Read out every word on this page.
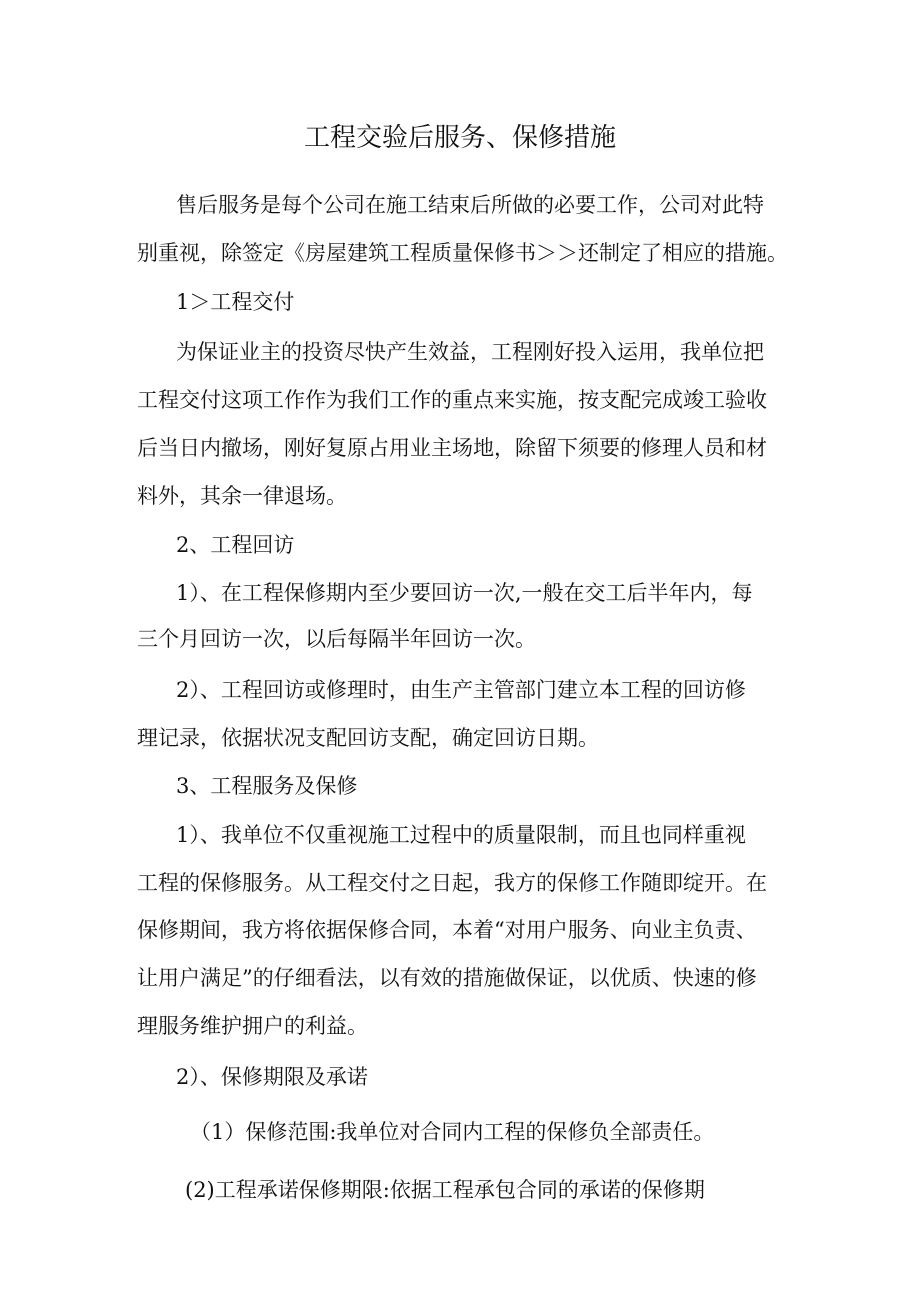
工程交验后服务、保修措施
售后服务是每个公司在施工结束后所做的必要工作，公司对此特
别重视，除签定《房屋建筑工程质量保修书＞＞还制定了相应的措施。
1＞工程交付
为保证业主的投资尽快产生效益，工程刚好投入运用，我单位把
工程交付这项工作作为我们工作的重点来实施，按支配完成竣工验收
后当日内撤场，刚好复原占用业主场地，除留下须要的修理人员和材
料外，其余一律退场。
2、工程回访
1）、在工程保修期内至少要回访一次,一般在交工后半年内，每
三个月回访一次，以后每隔半年回访一次。
2）、工程回访或修理时，由生产主管部门建立本工程的回访修
理记录，依据状况支配回访支配，确定回访日期。
3、工程服务及保修
1）、我单位不仅重视施工过程中的质量限制，而且也同样重视
工程的保修服务。从工程交付之日起，我方的保修工作随即绽开。在
保修期间，我方将依据保修合同，本着“对用户服务、向业主负责、
让用户满足”的仔细看法，以有效的措施做保证，以优质、快速的修
理服务维护拥户的利益。
2）、保修期限及承诺
（1）保修范围:我单位对合同内工程的保修负全部责任。
(2)工程承诺保修期限:依据工程承包合同的承诺的保修期
